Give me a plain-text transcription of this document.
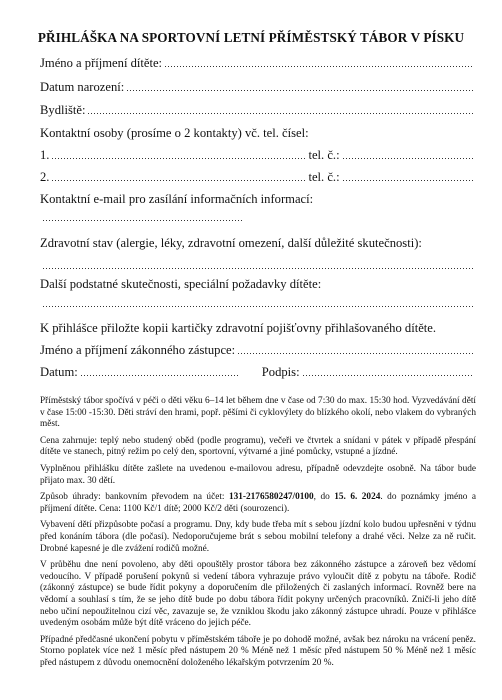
PŘIHLÁŠKA NA SPORTOVNÍ LETNÍ PŘÍMĚSTSKÝ TÁBOR V PÍSKU
Jméno a příjmení dítěte:
Datum narození:
Bydliště:
Kontaktní osoby (prosíme o 2 kontakty) vč. tel. čísel:
1.	tel. č.:
2.	tel. č.:
Kontaktní e-mail pro zasílání informačních informací:
Zdravotní stav (alergie, léky, zdravotní omezení, další důležité skutečnosti):
Další podstatné skutečnosti, speciální požadavky dítěte:
K přihlášce přiložte kopii kartičky zdravotní pojišťovny přihlašovaného dítěte.
Jméno a příjmení zákonného zástupce:
Datum:	Podpis:

Příměstský tábor spočívá v péči o děti věku 6–14 let během dne v čase od 7:30 do max. 15:30 hod. Vyzvedávání dětí v čase 15:00 -15:30. Děti stráví den hrami, popř. pěšími či cyklovýlety do blízkého okolí, nebo vlakem do vybraných měst.

Cena zahrnuje: teplý nebo studený oběd (podle programu), večeři ve čtvrtek a snídani v pátek v případě přespání dítěte ve stanech, pitný režim po celý den, sportovní, výtvarné a jiné pomůcky, vstupné a jízdné.

Vyplněnou přihlášku dítěte zašlete na uvedenou e-mailovou adresu, případně odevzdejte osobně. Na tábor bude přijato max. 30 dětí.

Způsob úhrady: bankovním převodem na účet: 131-2176580247/0100, do 15. 6. 2024. do poznámky jméno a příjmení dítěte. Cena: 1100 Kč/1 dítě; 2000 Kč/2 děti (sourozenci).

Vybavení dětí přizpůsobte počasí a programu. Dny, kdy bude třeba mít s sebou jízdní kolo budou upřesněni v týdnu před konáním tábora (dle počasí). Nedoporučujeme brát s sebou mobilní telefony a drahé věci. Nelze za ně ručit. Drobné kapesné je dle zvážení rodičů možné.

V průběhu dne není povoleno, aby děti opouštěly prostor tábora bez zákonného zástupce a zároveň bez vědomí vedoucího. V případě porušení pokynů si vedení tábora vyhrazuje právo vyloučit dítě z pobytu na táboře. Rodič (zákonný zástupce) se bude řídit pokyny a doporučením dle přiložených či zaslaných informací. Rovněž bere na vědomí a souhlasí s tím, že se jeho dítě bude po dobu tábora řídit pokyny určených pracovníků. Zničí-li jeho dítě nebo učiní nepoužitelnou cizí věc, zavazuje se, že vzniklou škodu jako zákonný zástupce uhradí. Pouze v přihlášce uvedeným osobám může být dítě vráceno do jejich péče.

Případné předčasné ukončení pobytu v příměstském táboře je po dohodě možné, avšak bez nároku na vrácení peněz. Storno poplatek více než 1 měsíc před nástupem 20 % Méně než 1 měsíc před nástupem 50 % Méně než 1 měsíc před nástupem z důvodu onemocnění doloženého lékařským potvrzením 20 %.
